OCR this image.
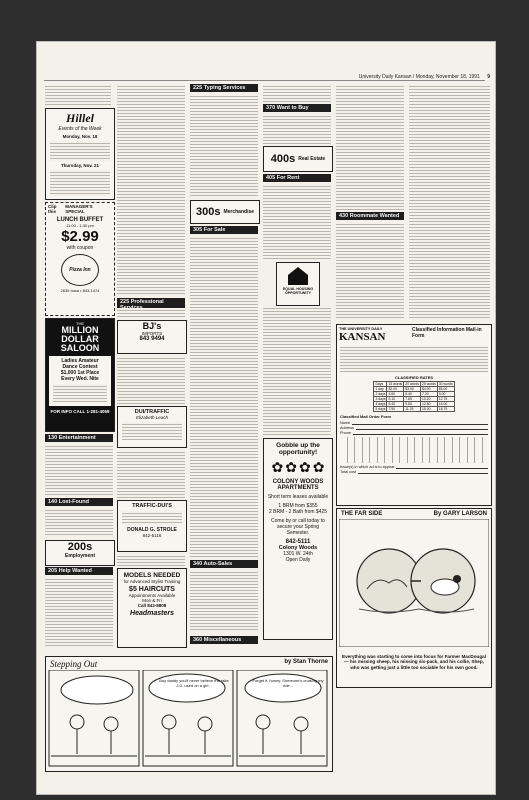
University Daily Kansan / Monday, November 18, 1991 9
Hillel
Events of the Week
Monday, Nov. 18
Thursday, Nov. 21
Clip this
MANAGER'S SPECIAL
LUNCH BUFFET
11:00 - 1:30 pm
$2.99
with coupon
Pizza Inn
2630 Iowa • 843-1474
THE
MILLION
DOLLAR
SALOON
Ladies Amateur
Dance Contest
$1,000 1st Place
Every Wed. Nite
FOR INFO CALL 1-281-4059
130 Entertainment
140 Lost-Found
200s
Employment
205 Help Wanted
225 Professional
BJ's
IMPORTS
843 9494
DUI/TRAFFIC
Elizabeth Leach
TRAFFIC-DUI'S
DONALD G. STROLE
842-5116
MODELS NEEDED
for Advanced Stylist Training
$5 HAIRCUTS
Appointments Available
Mon & Fri
Call 843-8808
Headmasters
225 Typing Services
300s Merchandise
305 For Sale
340 Auto-Sales
360 Miscellaneous
370 Want to Buy
400s Real Estate
405 For Rent
EQUAL HOUSING OPPORTUNITY
Gobble up the
opportunity!
✿ ✿ ✿ ✿
COLONY WOODS APARTMENTS
Short term leases available
1 BRM from $355
2 BRM - 2 Bath from $425
Come by or call today to secure your Spring Semester.
842-5111
Colony Woods
1301 W. 24th
Open Daily
430 Roommate Wanted
THE UNIVERSITY DAILY
KANSAN
Classified Information Mail-in Form
CLASSIFIED RATES
Days	15 words	20 words	25 words	30 words
1 day	$2.00	$3.00	$4.00	$5.00
2 days	3.60	5.40	7.20	9.00
3 days	5.10	7.65	10.20	12.75
4 days	6.40	9.60	12.80	16.00
5 days	7.50	11.25	15.00	18.75
Classified Mail Order Form
Name
Address
Phone
Issue(s) in which ad is to appear
Total cost
THE FAR SIDE	By GARY LARSON
Everything was starting to come into focus for Farmer MacDougal — his missing sheep, his missing six-pack, and his collie, Shep, who was getting just a little too sociable for his own good.
Stepping Out	by Stan Thorne
Boy daddy you'll never believe the rake J.D. used on a girl...
Forget it, honey. Someone's cruising my ride...
